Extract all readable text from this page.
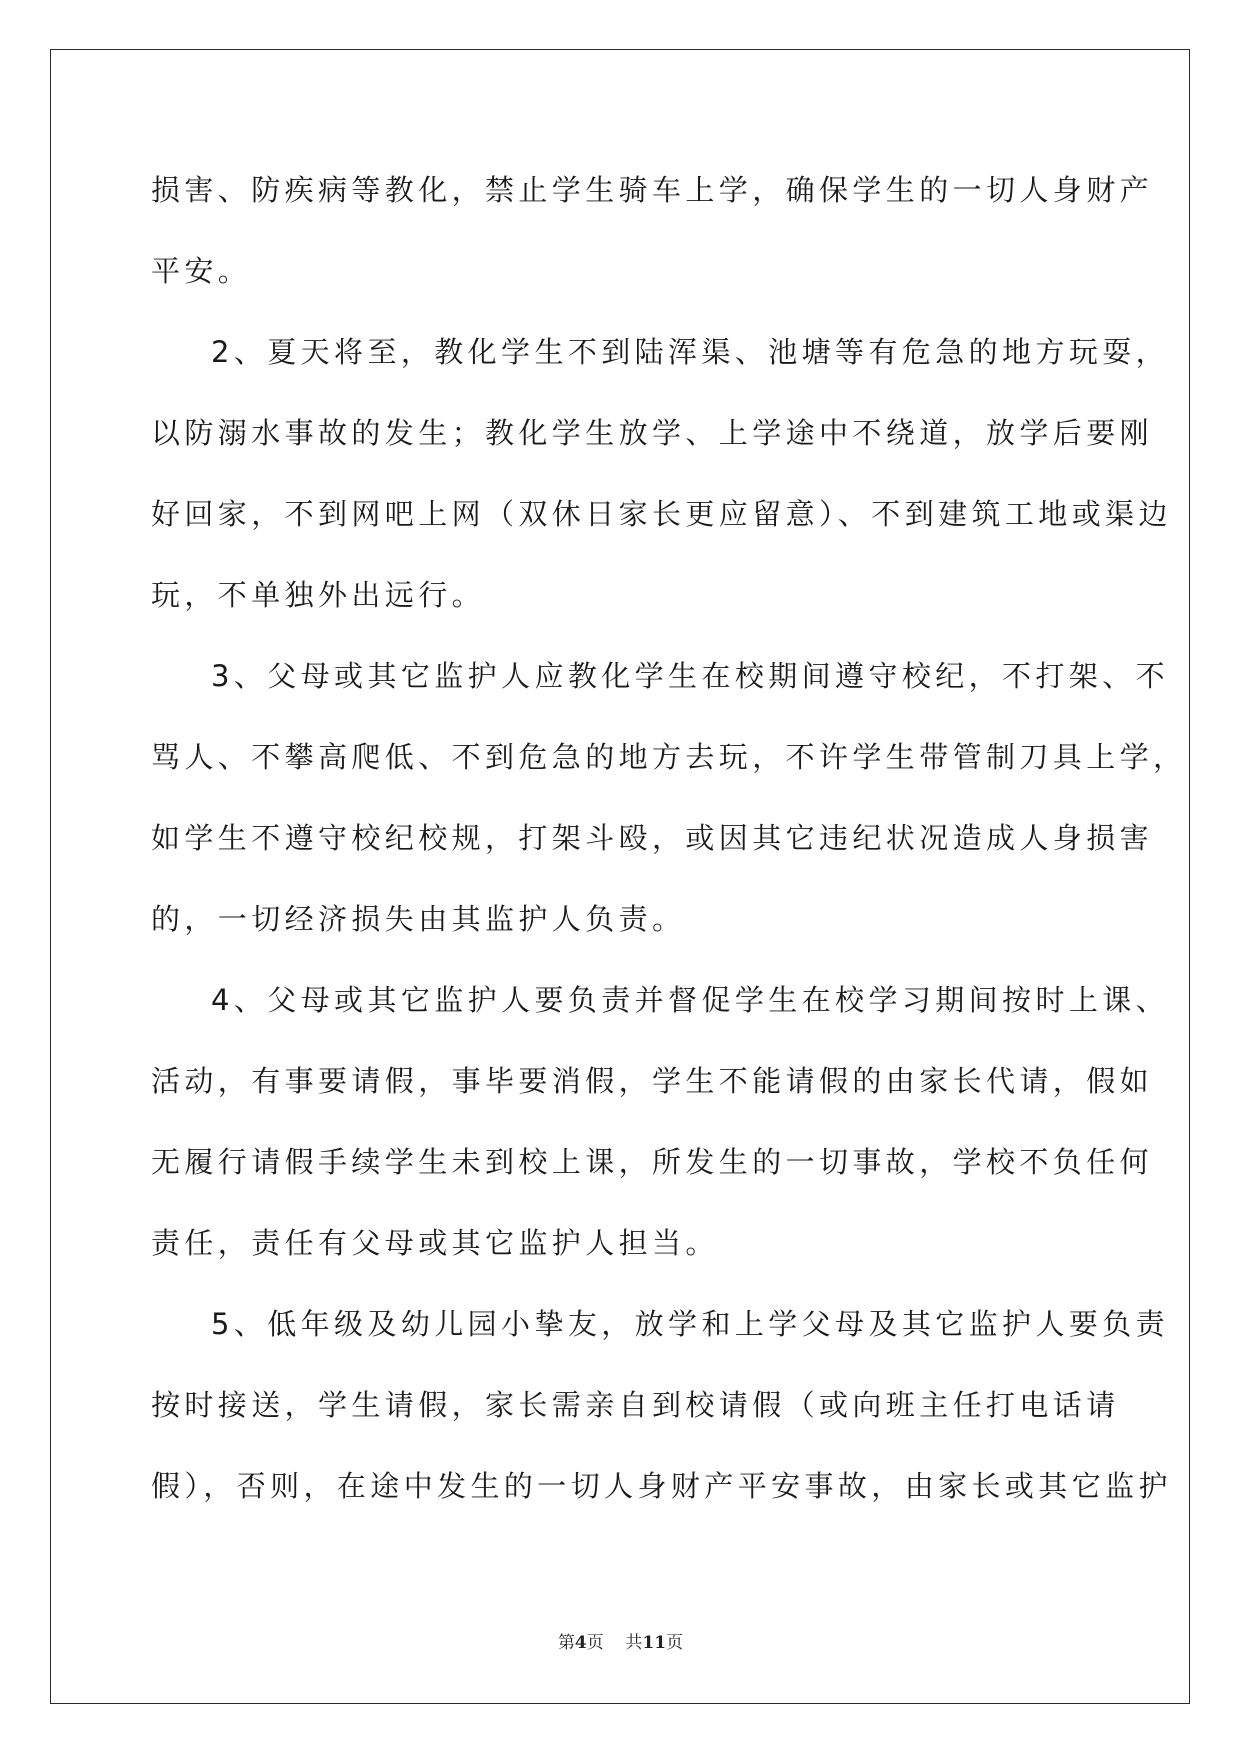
损害、防疾病等教化，禁止学生骑车上学，确保学生的一切人身财产
平安。
2、夏天将至，教化学生不到陆浑渠、池塘等有危急的地方玩耍，
以防溺水事故的发生；教化学生放学、上学途中不绕道，放学后要刚
好回家，不到网吧上网（双休日家长更应留意）、不到建筑工地或渠边
玩，不单独外出远行。
3、父母或其它监护人应教化学生在校期间遵守校纪，不打架、不
骂人、不攀高爬低、不到危急的地方去玩，不许学生带管制刀具上学，
如学生不遵守校纪校规，打架斗殴，或因其它违纪状况造成人身损害
的，一切经济损失由其监护人负责。
4、父母或其它监护人要负责并督促学生在校学习期间按时上课、
活动，有事要请假，事毕要消假，学生不能请假的由家长代请，假如
无履行请假手续学生未到校上课，所发生的一切事故，学校不负任何
责任，责任有父母或其它监护人担当。
5、低年级及幼儿园小挚友，放学和上学父母及其它监护人要负责
按时接送，学生请假，家长需亲自到校请假（或向班主任打电话请
假），否则，在途中发生的一切人身财产平安事故，由家长或其它监护
第4页 共11页
